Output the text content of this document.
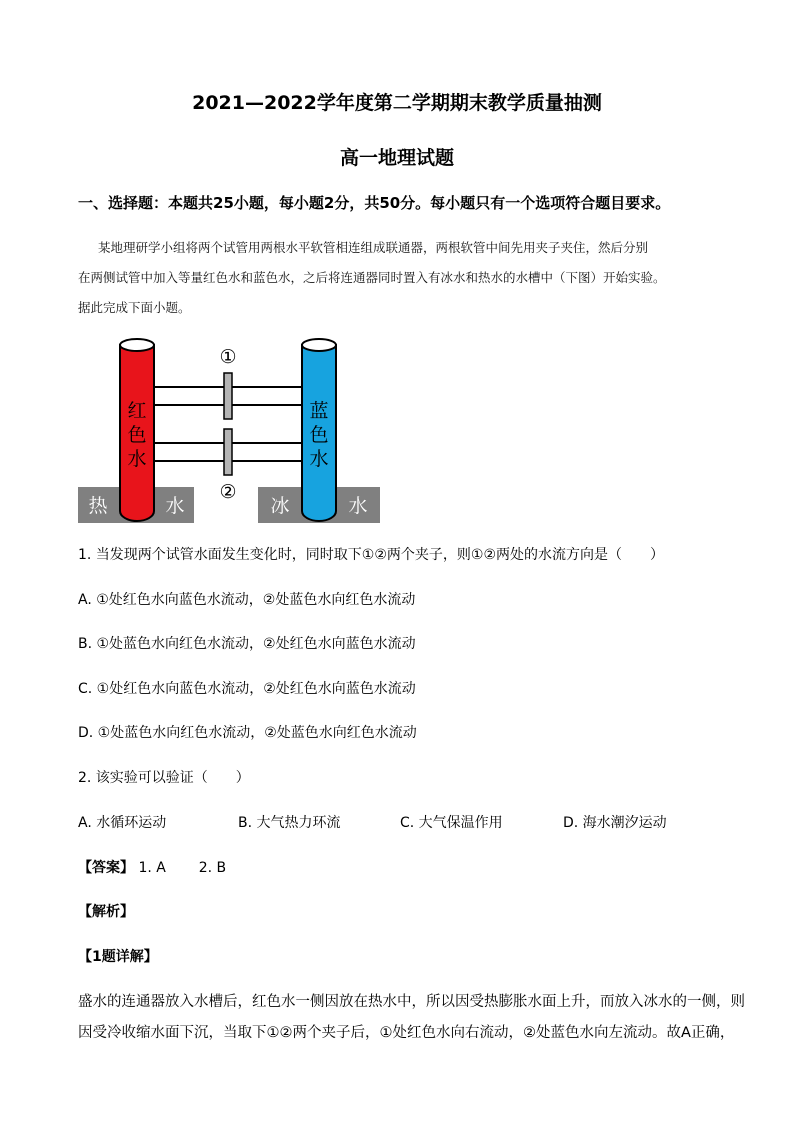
2021—2022学年度第二学期期末教学质量抽测
高一地理试题
一、选择题：本题共25小题，每小题2分，共50分。每小题只有一个选项符合题目要求。
某地理研学小组将两个试管用两根水平软管相连组成联通器，两根软管中间先用夹子夹住，然后分别
在两侧试管中加入等量红色水和蓝色水，之后将连通器同时置入有冰水和热水的水槽中（下图）开始实验。
据此完成下面小题。
①
②
红
色
水
蓝
色
水
热	水	冰	水
1. 当发现两个试管水面发生变化时，同时取下①②两个夹子，则①②两处的水流方向是（　　）
A. ①处红色水向蓝色水流动，②处蓝色水向红色水流动
B. ①处蓝色水向红色水流动，②处红色水向蓝色水流动
C. ①处红色水向蓝色水流动，②处红色水向蓝色水流动
D. ①处蓝色水向红色水流动，②处蓝色水向红色水流动
2. 该实验可以验证（　　）
A. 水循环运动	B. 大气热力环流	C. 大气保温作用	D. 海水潮汐运动
【答案】 1. A 2. B
【解析】
【1题详解】
盛水的连通器放入水槽后，红色水一侧因放在热水中，所以因受热膨胀水面上升，而放入冰水的一侧，则
因受冷收缩水面下沉，当取下①②两个夹子后，①处红色水向右流动，②处蓝色水向左流动。故A正确，
